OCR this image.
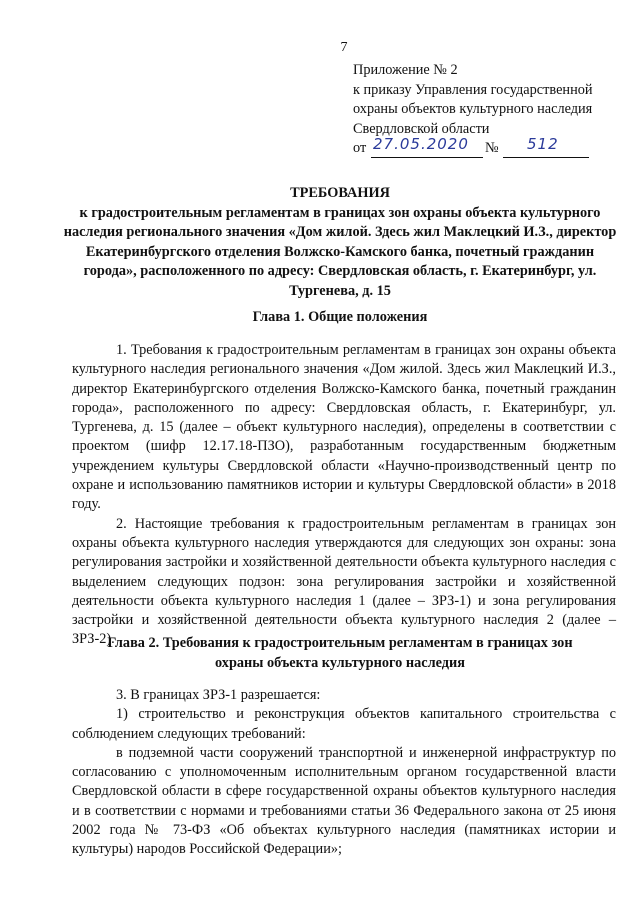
7
Приложение № 2
к приказу Управления государственной
охраны объектов культурного наследия
Свердловской области
от 27.05.2020 № 512
ТРЕБОВАНИЯ
к градостроительным регламентам в границах зон охраны объекта культурного наследия регионального значения «Дом жилой. Здесь жил Маклецкий И.З., директор Екатеринбургского отделения Волжско-Камского банка, почетный гражданин города», расположенного по адресу: Свердловская область, г. Екатеринбург, ул. Тургенева, д. 15
Глава 1. Общие положения

1. Требования к градостроительным регламентам в границах зон охраны объекта культурного наследия регионального значения «Дом жилой. Здесь жил Маклецкий И.З., директор Екатеринбургского отделения Волжско-Камского банка, почетный гражданин города», расположенного по адресу: Свердловская область, г. Екатеринбург, ул. Тургенева, д. 15 (далее – объект культурного наследия), определены в соответствии с проектом (шифр 12.17.18-ПЗО), разработанным государственным бюджетным учреждением культуры Свердловской области «Научно-производственный центр по охране и использованию памятников истории и культуры Свердловской области» в 2018 году.

2. Настоящие требования к градостроительным регламентам в границах зон охраны объекта культурного наследия утверждаются для следующих зон охраны: зона регулирования застройки и хозяйственной деятельности объекта культурного наследия с выделением следующих подзон: зона регулирования застройки и хозяйственной деятельности объекта культурного наследия 1 (далее – ЗРЗ-1) и зона регулирования застройки и хозяйственной деятельности объекта культурного наследия 2 (далее – ЗРЗ-2).

Глава 2. Требования к градостроительным регламентам в границах зон
охраны объекта культурного наследия

3. В границах ЗРЗ-1 разрешается:

1) строительство и реконструкция объектов капитального строительства с соблюдением следующих требований:

в подземной части сооружений транспортной и инженерной инфраструктур по согласованию с уполномоченным исполнительным органом государственной власти Свердловской области в сфере государственной охраны объектов культурного наследия и в соответствии с нормами и требованиями статьи 36 Федерального закона от 25 июня 2002 года № 73-ФЗ «Об объектах культурного наследия (памятниках истории и культуры) народов Российской Федерации»;
